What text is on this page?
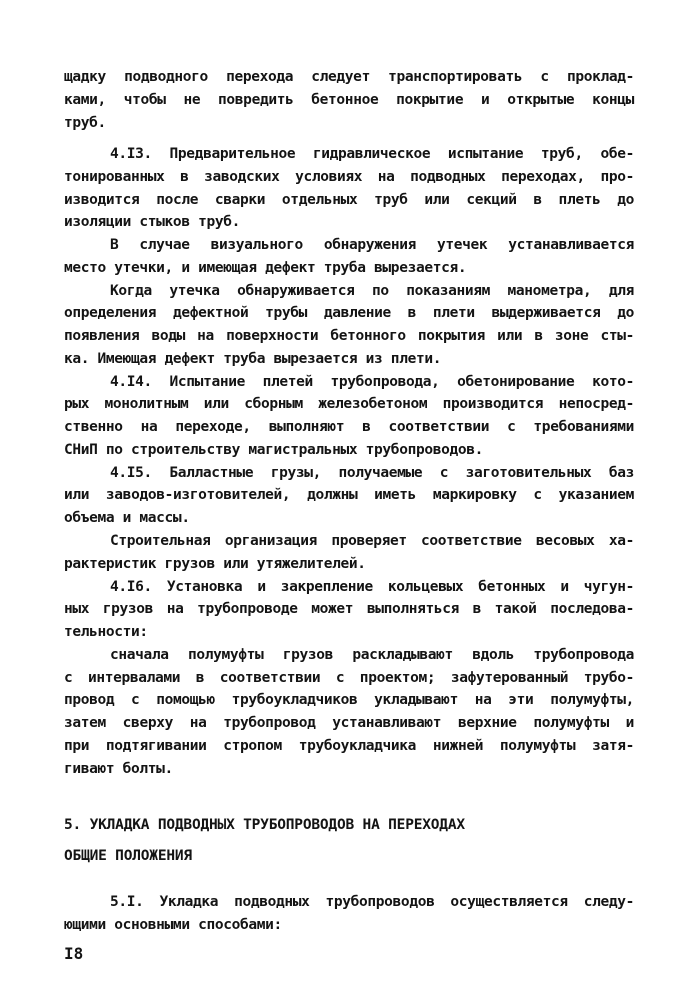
щадку подводного перехода следует транспортировать с проклад-
ками, чтобы не повредить бетонное покрытие и открытые концы
труб.
4.I3. Предварительное гидравлическое испытание труб, обе-
тонированных в заводских условиях на подводных переходах, про-
изводится после сварки отдельных труб или секций в плеть до
изоляции стыков труб.
В случае визуального обнаружения утечек устанавливается
место утечки, и имеющая дефект труба вырезается.
Когда утечка обнаруживается по показаниям манометра, для
определения дефектной трубы давление в плети выдерживается до
появления воды на поверхности бетонного покрытия или в зоне сты-
ка. Имеющая дефект труба вырезается из плети.
4.I4. Испытание плетей трубопровода, обетонирование кото-
рых монолитным или сборным железобетоном производится непосред-
ственно на переходе, выполняют в соответствии с требованиями
СНиП по строительству магистральных трубопроводов.
4.I5. Балластные грузы, получаемые с заготовительных баз
или заводов-изготовителей, должны иметь маркировку с указанием
объема и массы.
Строительная организация проверяет соответствие весовых ха-
рактеристик грузов или утяжелителей.
4.I6. Установка и закрепление кольцевых бетонных и чугун-
ных грузов на трубопроводе может выполняться в такой последова-
тельности:
сначала полумуфты грузов раскладывают вдоль трубопровода
с интервалами в соответствии с проектом; зафутерованный трубо-
провод с помощью трубоукладчиков укладывают на эти полумуфты,
затем сверху на трубопровод устанавливают верхние полумуфты и
при подтягивании стропом трубоукладчика нижней полумуфты затя-
гивают болты.
5. УКЛАДКА ПОДВОДНЫХ ТРУБОПРОВОДОВ НА ПЕРЕХОДАХ
ОБЩИЕ ПОЛОЖЕНИЯ
5.I. Укладка подводных трубопроводов осуществляется следу-
ющими основными способами:
I8
